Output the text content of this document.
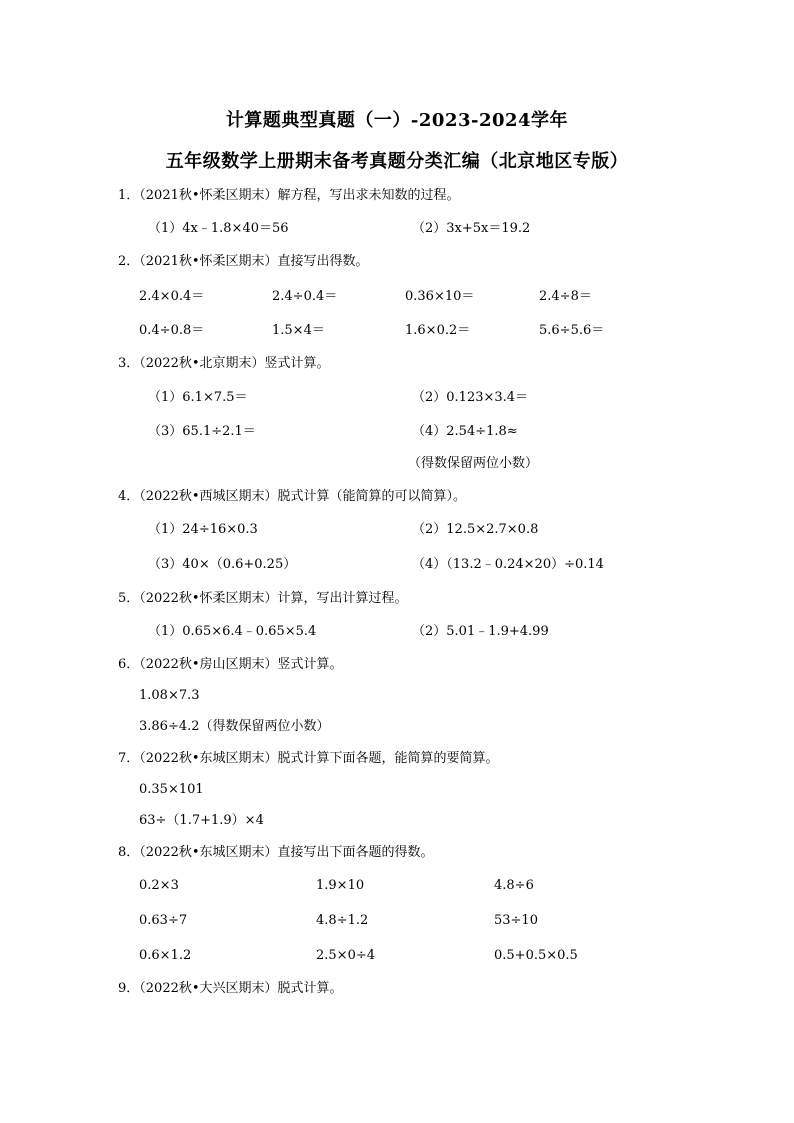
计算题典型真题（一）-2023-2024学年
五年级数学上册期末备考真题分类汇编（北京地区专版）
1．（2021秋•怀柔区期末）解方程，写出求未知数的过程。
（1）4x﹣1.8×40＝56	（2）3x+5x＝19.2
2．（2021秋•怀柔区期末）直接写出得数。
2.4×0.4＝	2.4÷0.4＝	0.36×10＝	2.4÷8＝
0.4÷0.8＝	1.5×4＝	1.6×0.2＝	5.6÷5.6＝
3．（2022秋•北京期末）竖式计算。
（1）6.1×7.5＝	（2）0.123×3.4＝
（3）65.1÷2.1＝	（4）2.54÷1.8≈
（得数保留两位小数）
4．（2022秋•西城区期末）脱式计算（能简算的可以简算）。
（1）24÷16×0.3	（2）12.5×2.7×0.8
（3）40×（0.6+0.25）	（4）（13.2﹣0.24×20）÷0.14
5．（2022秋•怀柔区期末）计算，写出计算过程。
（1）0.65×6.4﹣0.65×5.4	（2）5.01﹣1.9+4.99
6．（2022秋•房山区期末）竖式计算。
1.08×7.3
3.86÷4.2（得数保留两位小数）
7．（2022秋•东城区期末）脱式计算下面各题，能简算的要简算。
0.35×101
63÷（1.7+1.9）×4
8．（2022秋•东城区期末）直接写出下面各题的得数。
0.2×3	1.9×10	4.8÷6
0.63÷7	4.8÷1.2	53÷10
0.6×1.2	2.5×0÷4	0.5+0.5×0.5
9．（2022秋•大兴区期末）脱式计算。
